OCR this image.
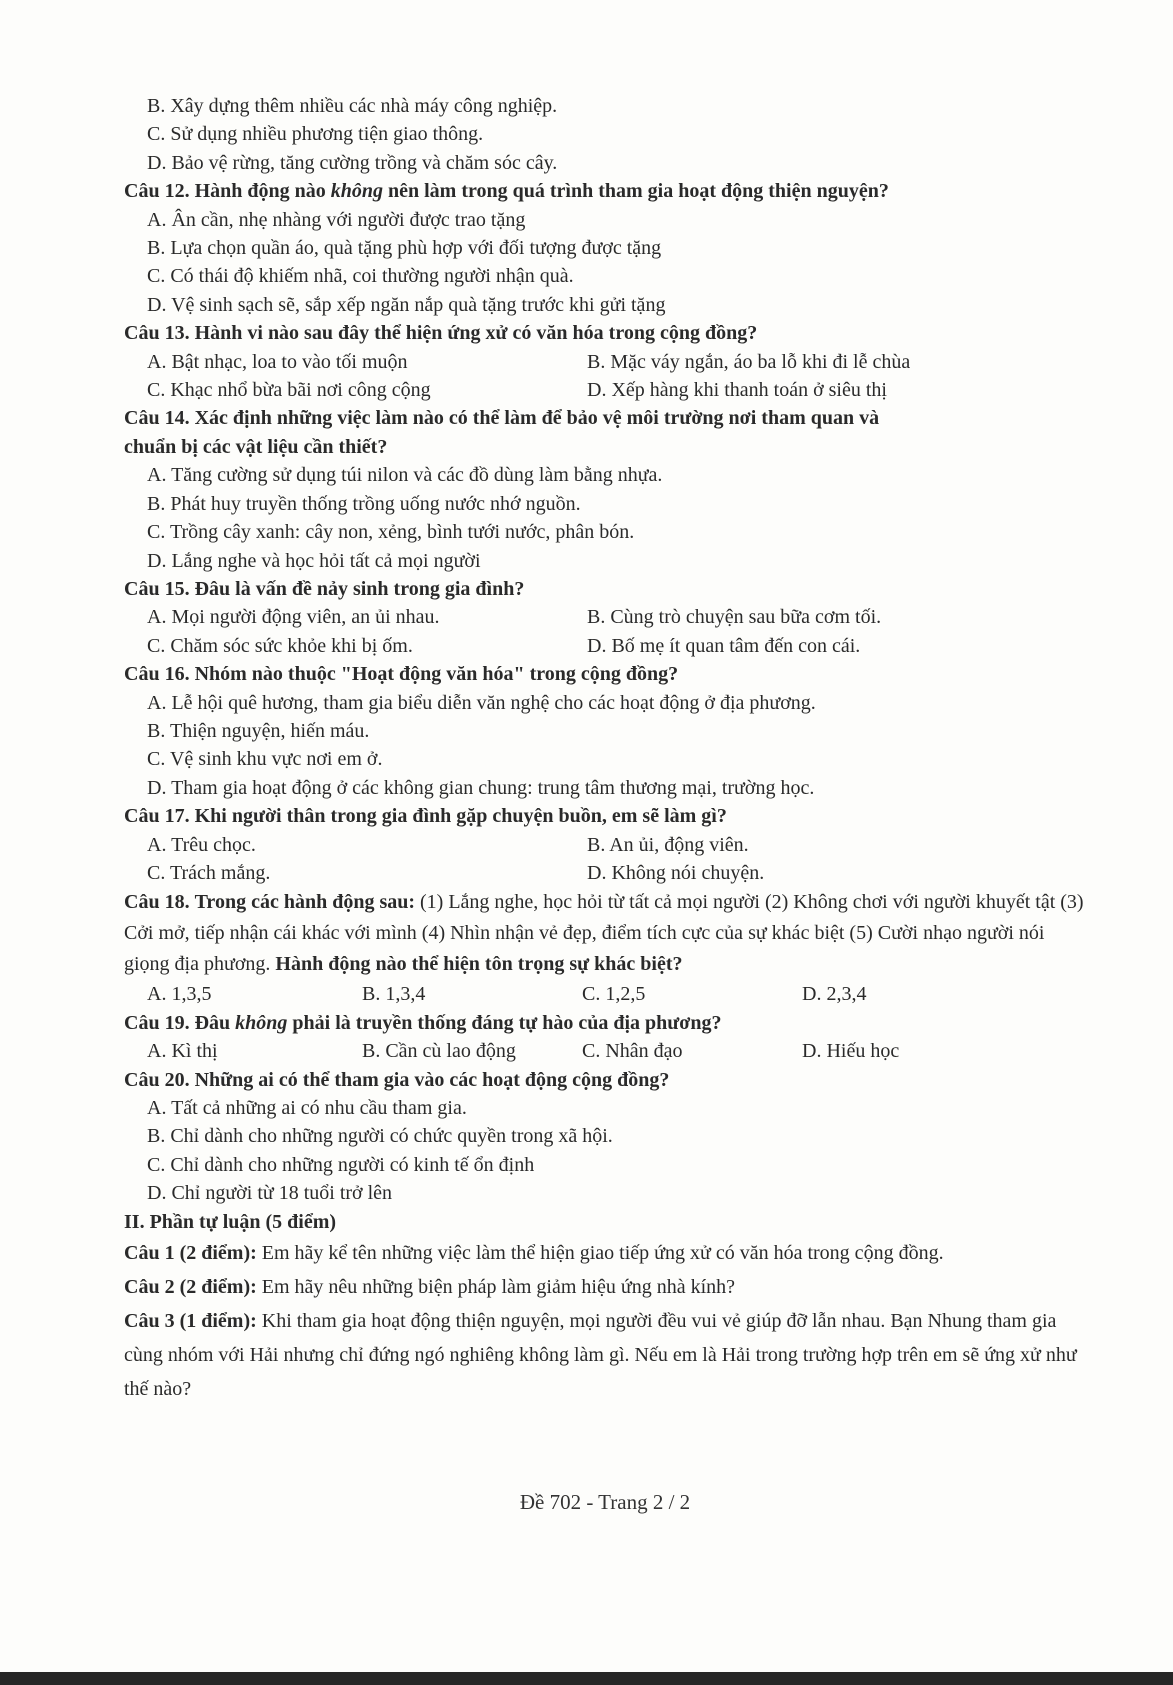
B. Xây dựng thêm nhiều các nhà máy công nghiệp.
C. Sử dụng nhiều phương tiện giao thông.
D. Bảo vệ rừng, tăng cường trồng và chăm sóc cây.
Câu 12. Hành động nào không nên làm trong quá trình tham gia hoạt động thiện nguyện?
A. Ân cần, nhẹ nhàng với người được trao tặng
B. Lựa chọn quần áo, quà tặng phù hợp với đối tượng được tặng
C. Có thái độ khiếm nhã, coi thường người nhận quà.
D. Vệ sinh sạch sẽ, sắp xếp ngăn nắp quà tặng trước khi gửi tặng
Câu 13. Hành vi nào sau đây thể hiện ứng xử có văn hóa trong cộng đồng?
A. Bật nhạc, loa to vào tối muộn	B. Mặc váy ngắn, áo ba lỗ khi đi lễ chùa
C. Khạc nhổ bừa bãi nơi công cộng	D. Xếp hàng khi thanh toán ở siêu thị
Câu 14. Xác định những việc làm nào có thể làm để bảo vệ môi trường nơi tham quan và
chuẩn bị các vật liệu cần thiết?
A. Tăng cường sử dụng túi nilon và các đồ dùng làm bằng nhựa.
B. Phát huy truyền thống trồng uống nước nhớ nguồn.
C. Trồng cây xanh: cây non, xẻng, bình tưới nước, phân bón.
D. Lắng nghe và học hỏi tất cả mọi người
Câu 15. Đâu là vấn đề nảy sinh trong gia đình?
A. Mọi người động viên, an ủi nhau.	B. Cùng trò chuyện sau bữa cơm tối.
C. Chăm sóc sức khỏe khi bị ốm.	D. Bố mẹ ít quan tâm đến con cái.
Câu 16. Nhóm nào thuộc "Hoạt động văn hóa" trong cộng đồng?
A. Lễ hội quê hương, tham gia biểu diễn văn nghệ cho các hoạt động ở địa phương.
B. Thiện nguyện, hiến máu.
C. Vệ sinh khu vực nơi em ở.
D. Tham gia hoạt động ở các không gian chung: trung tâm thương mại, trường học.
Câu 17. Khi người thân trong gia đình gặp chuyện buồn, em sẽ làm gì?
A. Trêu chọc.	B. An ủi, động viên.
C. Trách mắng.	D. Không nói chuyện.
Câu 18. Trong các hành động sau: (1) Lắng nghe, học hỏi từ tất cả mọi người (2) Không chơi với người khuyết tật (3) Cởi mở, tiếp nhận cái khác với mình (4) Nhìn nhận vẻ đẹp, điểm tích cực của sự khác biệt (5) Cười nhạo người nói giọng địa phương. Hành động nào thể hiện tôn trọng sự khác biệt?
A. 1,3,5	B. 1,3,4	C. 1,2,5	D. 2,3,4
Câu 19. Đâu không phải là truyền thống đáng tự hào của địa phương?
A. Kì thị	B. Cần cù lao động	C. Nhân đạo	D. Hiếu học
Câu 20. Những ai có thể tham gia vào các hoạt động cộng đồng?
A. Tất cả những ai có nhu cầu tham gia.
B. Chỉ dành cho những người có chức quyền trong xã hội.
C. Chỉ dành cho những người có kinh tế ổn định
D. Chỉ người từ 18 tuổi trở lên
II. Phần tự luận (5 điểm)
Câu 1 (2 điểm): Em hãy kể tên những việc làm thể hiện giao tiếp ứng xử có văn hóa trong cộng đồng.
Câu 2 (2 điểm): Em hãy nêu những biện pháp làm giảm hiệu ứng nhà kính?
Câu 3 (1 điểm): Khi tham gia hoạt động thiện nguyện, mọi người đều vui vẻ giúp đỡ lẫn nhau. Bạn Nhung tham gia cùng nhóm với Hải nhưng chỉ đứng ngó nghiêng không làm gì. Nếu em là Hải trong trường hợp trên em sẽ ứng xử như thế nào?
Đề 702 - Trang 2 / 2
